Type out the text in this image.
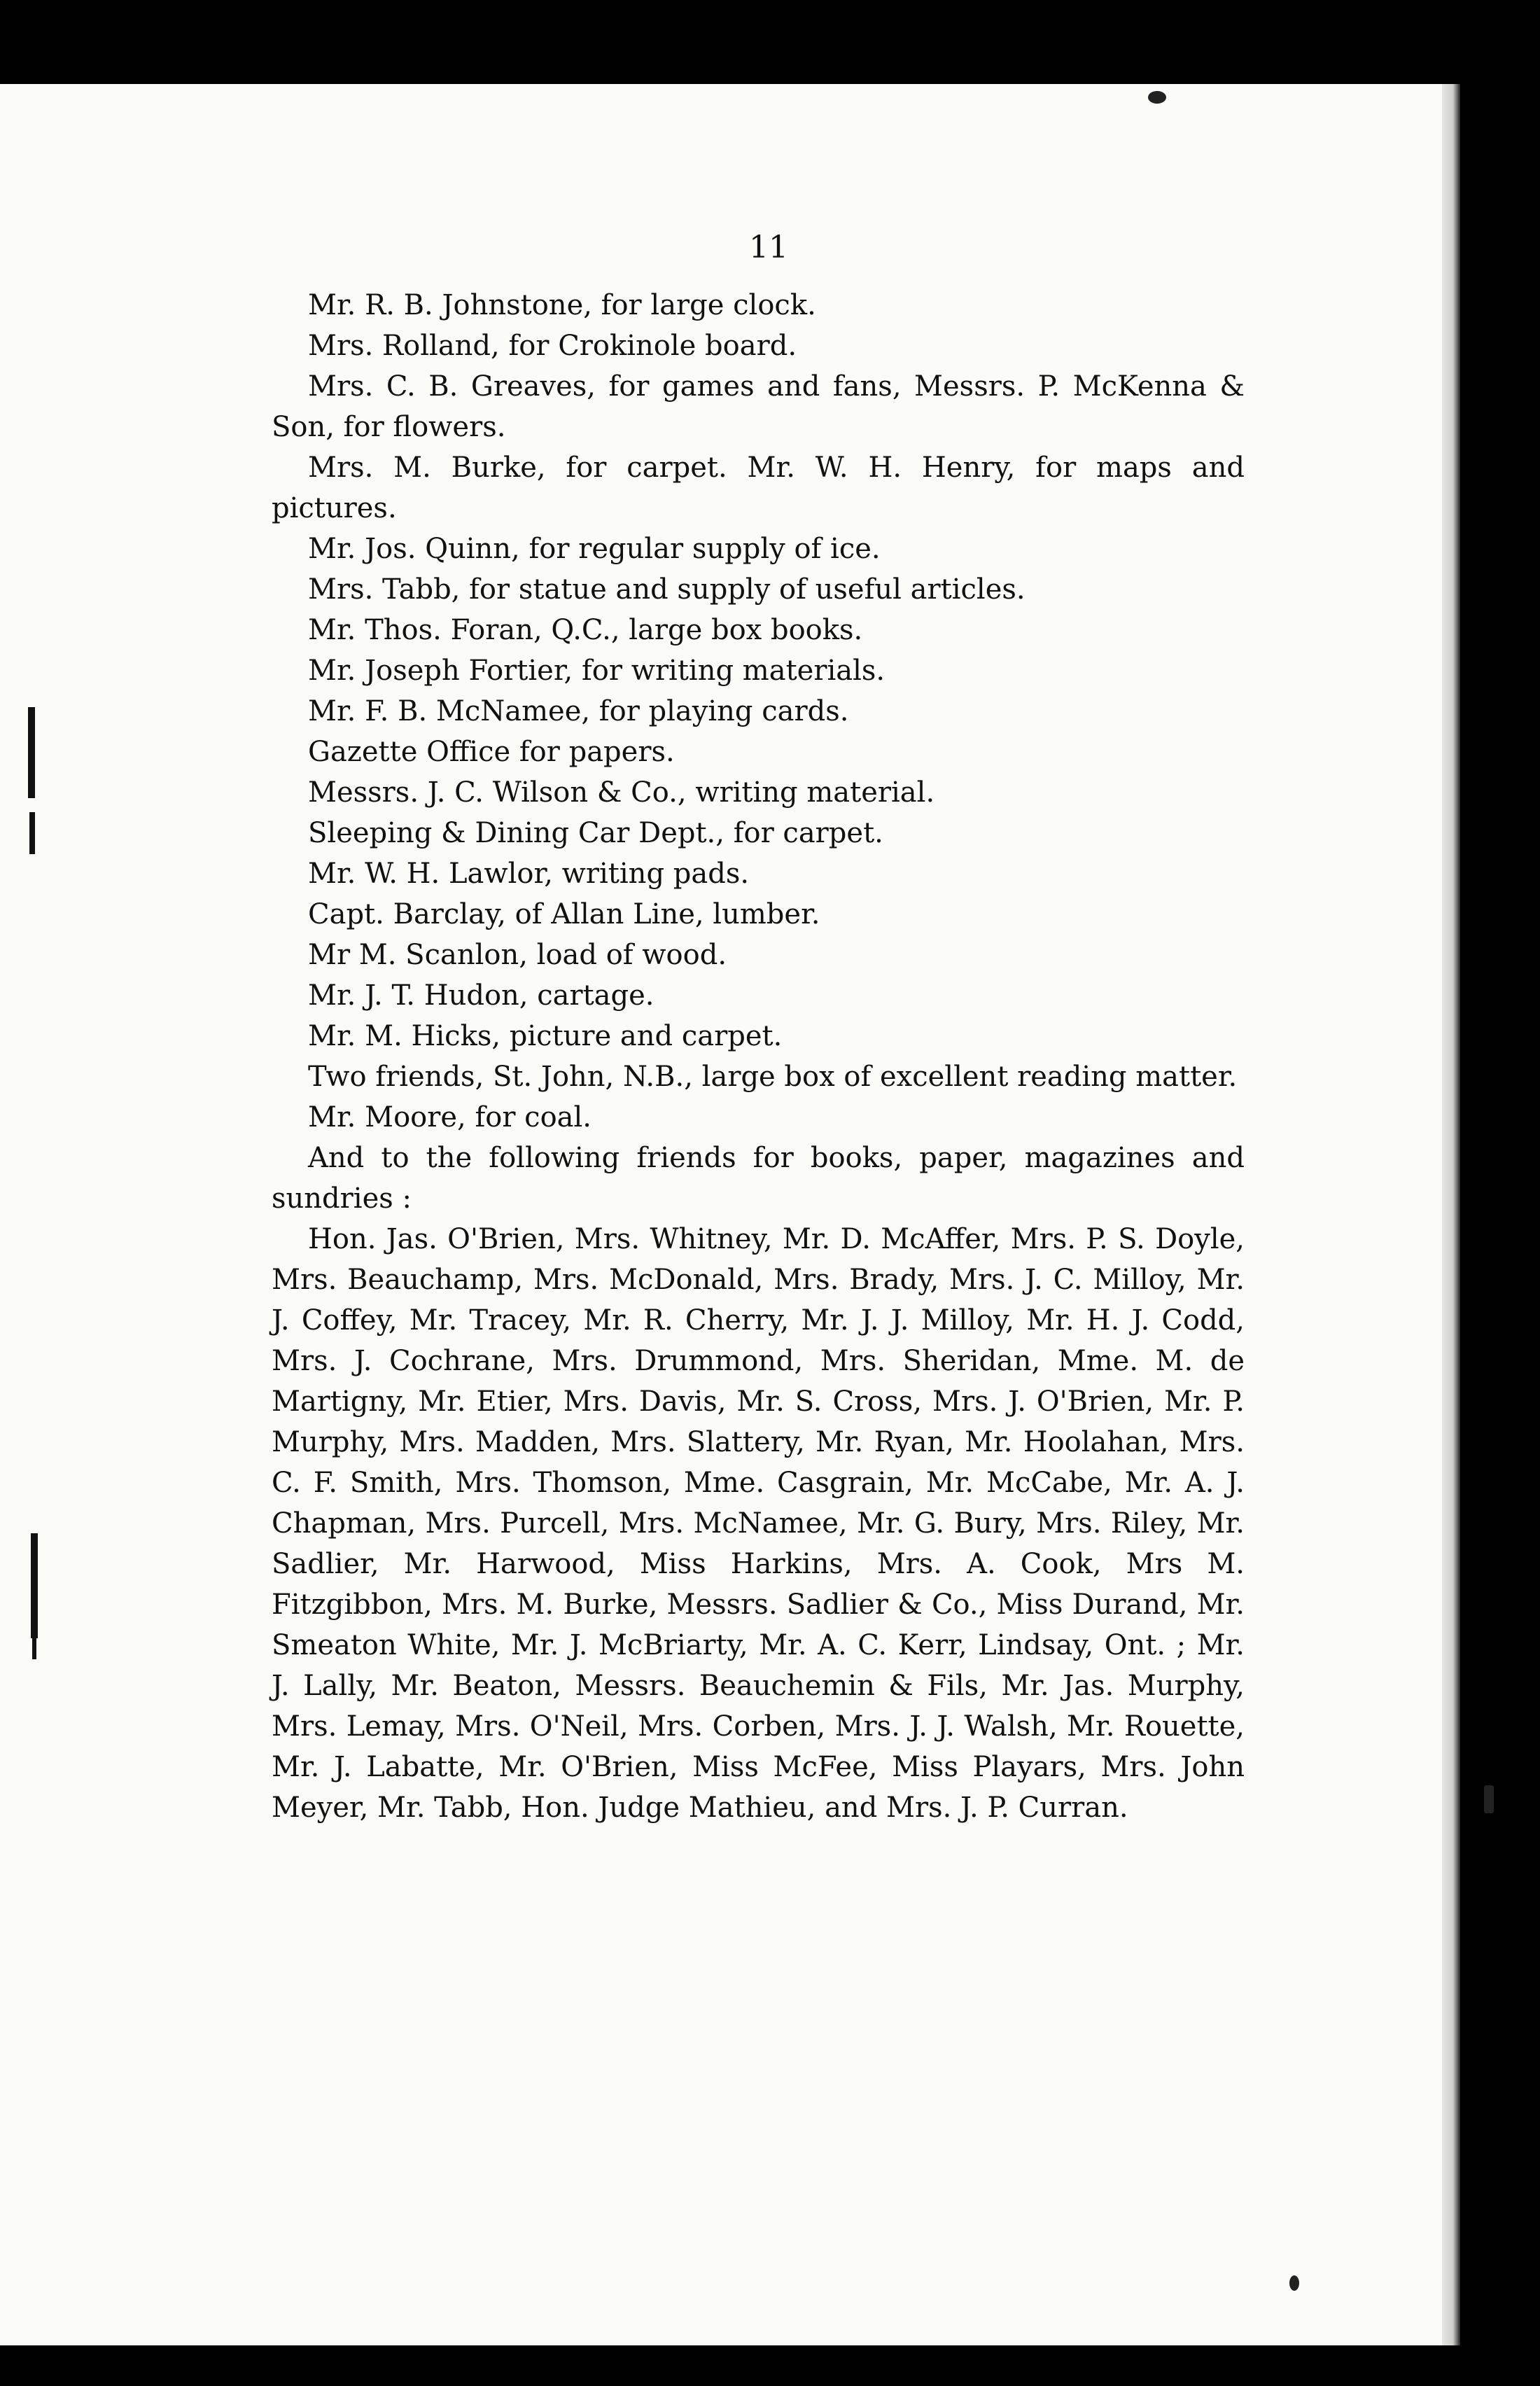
11

Mr. R. B. Johnstone, for large clock.

Mrs. Rolland, for Crokinole board.

Mrs. C. B. Greaves, for games and fans, Messrs. P. McKenna & Son, for flowers.

Mrs. M. Burke, for carpet. Mr. W. H. Henry, for maps and pictures.

Mr. Jos. Quinn, for regular supply of ice.

Mrs. Tabb, for statue and supply of useful articles.

Mr. Thos. Foran, Q.C., large box books.

Mr. Joseph Fortier, for writing materials.

Mr. F. B. McNamee, for playing cards.

Gazette Office for papers.

Messrs. J. C. Wilson & Co., writing material.

Sleeping & Dining Car Dept., for carpet.

Mr. W. H. Lawlor, writing pads.

Capt. Barclay, of Allan Line, lumber.

Mr M. Scanlon, load of wood.

Mr. J. T. Hudon, cartage.

Mr. M. Hicks, picture and carpet.

Two friends, St. John, N.B., large box of excellent reading matter.

Mr. Moore, for coal.

And to the following friends for books, paper, magazines and sundries :

Hon. Jas. O'Brien, Mrs. Whitney, Mr. D. McAffer, Mrs. P. S. Doyle, Mrs. Beauchamp, Mrs. McDonald, Mrs. Brady, Mrs. J. C. Milloy, Mr. J. Coffey, Mr. Tracey, Mr. R. Cherry, Mr. J. J. Milloy, Mr. H. J. Codd, Mrs. J. Cochrane, Mrs. Drummond, Mrs. Sheridan, Mme. M. de Martigny, Mr. Etier, Mrs. Davis, Mr. S. Cross, Mrs. J. O'Brien, Mr. P. Murphy, Mrs. Madden, Mrs. Slattery, Mr. Ryan, Mr. Hoolahan, Mrs. C. F. Smith, Mrs. Thomson, Mme. Casgrain, Mr. McCabe, Mr. A. J. Chapman, Mrs. Purcell, Mrs. McNamee, Mr. G. Bury, Mrs. Riley, Mr. Sadlier, Mr. Harwood, Miss Harkins, Mrs. A. Cook, Mrs M. Fitzgibbon, Mrs. M. Burke, Messrs. Sadlier & Co., Miss Durand, Mr. Smeaton White, Mr. J. McBriarty, Mr. A. C. Kerr, Lindsay, Ont. ; Mr. J. Lally, Mr. Beaton, Messrs. Beauchemin & Fils, Mr. Jas. Murphy, Mrs. Lemay, Mrs. O'Neil, Mrs. Corben, Mrs. J. J. Walsh, Mr. Rouette, Mr. J. Labatte, Mr. O'Brien, Miss McFee, Miss Playars, Mrs. John Meyer, Mr. Tabb, Hon. Judge Mathieu, and Mrs. J. P. Curran.
